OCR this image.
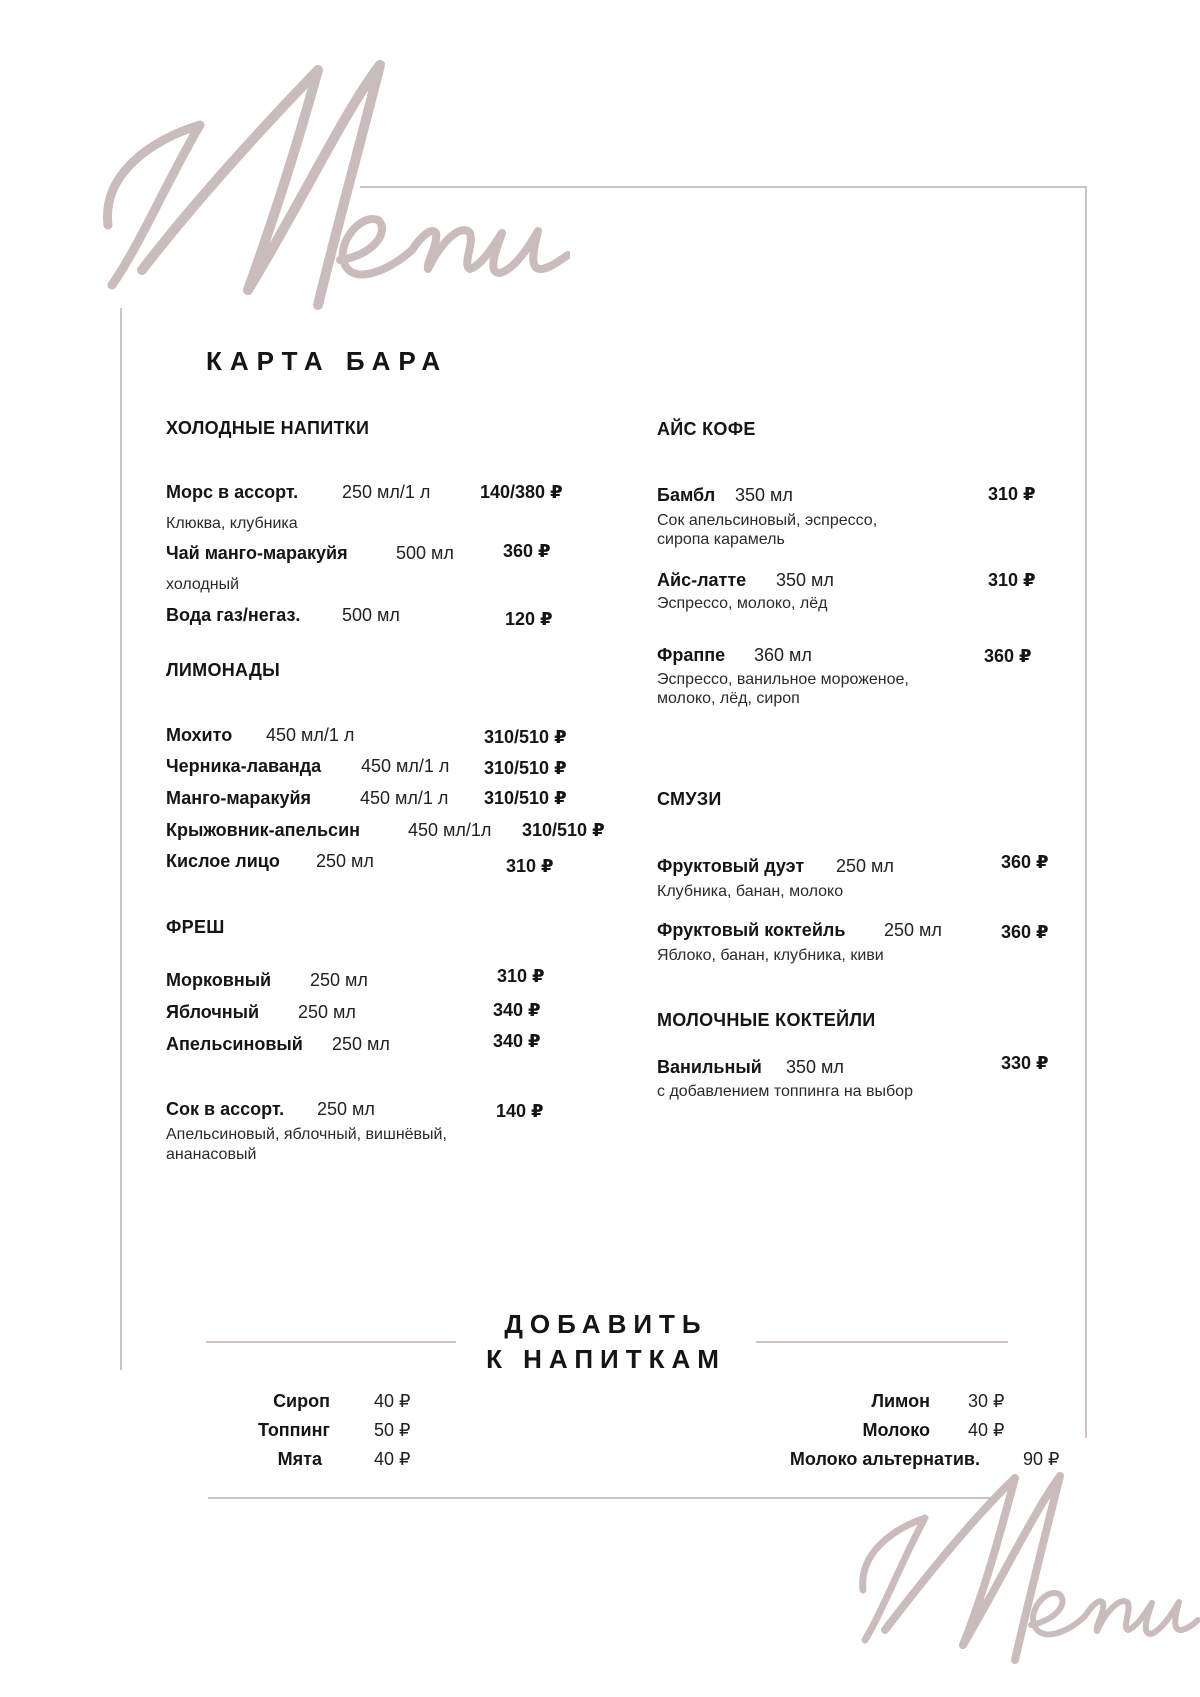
КАРТА БАРА
ХОЛОДНЫЕ НАПИТКИ
Морс в ассорт. 250 мл/1 л	140/380 ₽
Клюква, клубника
Чай манго-маракуйя	500 мл	360 ₽
холодный
Вода газ/негаз. 500 мл	120 ₽
ЛИМОНАДЫ
Мохито 450 мл/1 л	310/510 ₽
Черника-лаванда 450 мл/1 л 310/510 ₽
Манго-маракуйя	450 мл/1 л 310/510 ₽
Крыжовник-апельсин	450 мл/1л 310/510 ₽
Кислое лицо 250 мл	310 ₽
ФРЕШ
Морковный 250 мл	310 ₽
Яблочный 250 мл	340 ₽
Апельсиновый 250 мл	340 ₽
Сок в ассорт. 250 мл	140 ₽
Апельсиновый, яблочный, вишнёвый,
ананасовый
АЙС КОФЕ
Бамбл 350 мл	310 ₽
Сок апельсиновый, эспрессо,
сиропа карамель
Айс-латте 350 мл	310 ₽
Эспрессо, молоко, лёд
Фраппе 360 мл	360 ₽
Эспрессо, ванильное мороженое,
молоко, лёд, сироп
СМУЗИ
Фруктовый дуэт 250 мл	360 ₽
Клубника, банан, молоко
Фруктовый коктейль 250 мл	360 ₽
Яблоко, банан, клубника, киви
МОЛОЧНЫЕ КОКТЕЙЛИ
Ванильный 350 мл	330 ₽
с добавлением топпинга на выбор
ДОБАВИТЬ
К НАПИТКАМ
Сироп 40 ₽
Топпинг 50 ₽
Мята	40 ₽
Лимон 30 ₽
Молоко 40 ₽
Молоко альтернатив. 90 ₽
